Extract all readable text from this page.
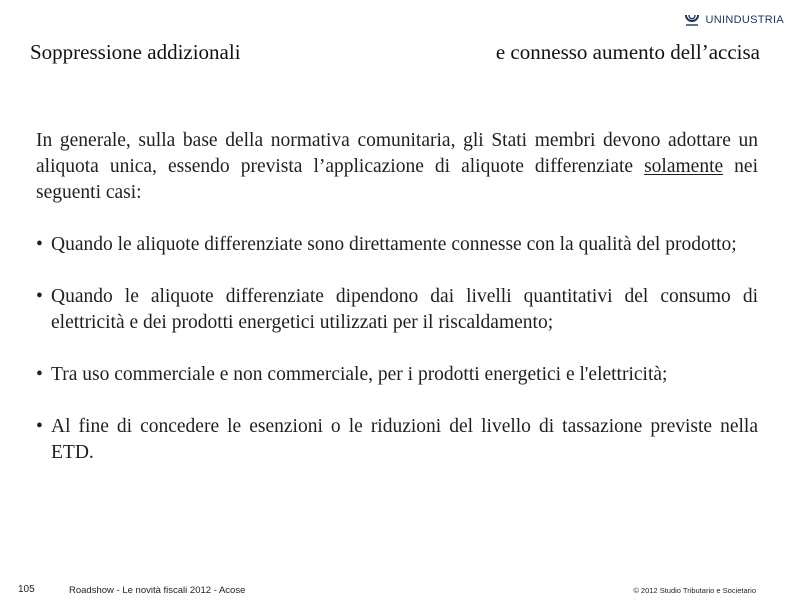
UNINDUSTRIA
Soppressione addizionali	e connesso aumento dell’accisa

In generale, sulla base della normativa comunitaria, gli Stati membri devono adottare un aliquota unica, essendo prevista l’applicazione di aliquote differenziate solamente nei seguenti casi:

• Quando le aliquote differenziate sono direttamente connesse con la qualità del prodotto;
• Quando le aliquote differenziate dipendono dai livelli quantitativi del consumo di elettricità e dei prodotti energetici utilizzati per il riscaldamento;
• Tra uso commerciale e non commerciale, per i prodotti energetici e l'elettricità;
• Al fine di concedere le esenzioni o le riduzioni del livello di tassazione previste nella ETD.
105	Roadshow - Le novità fiscali 2012 - Acose	© 2012 Studio Tributario e Societario
